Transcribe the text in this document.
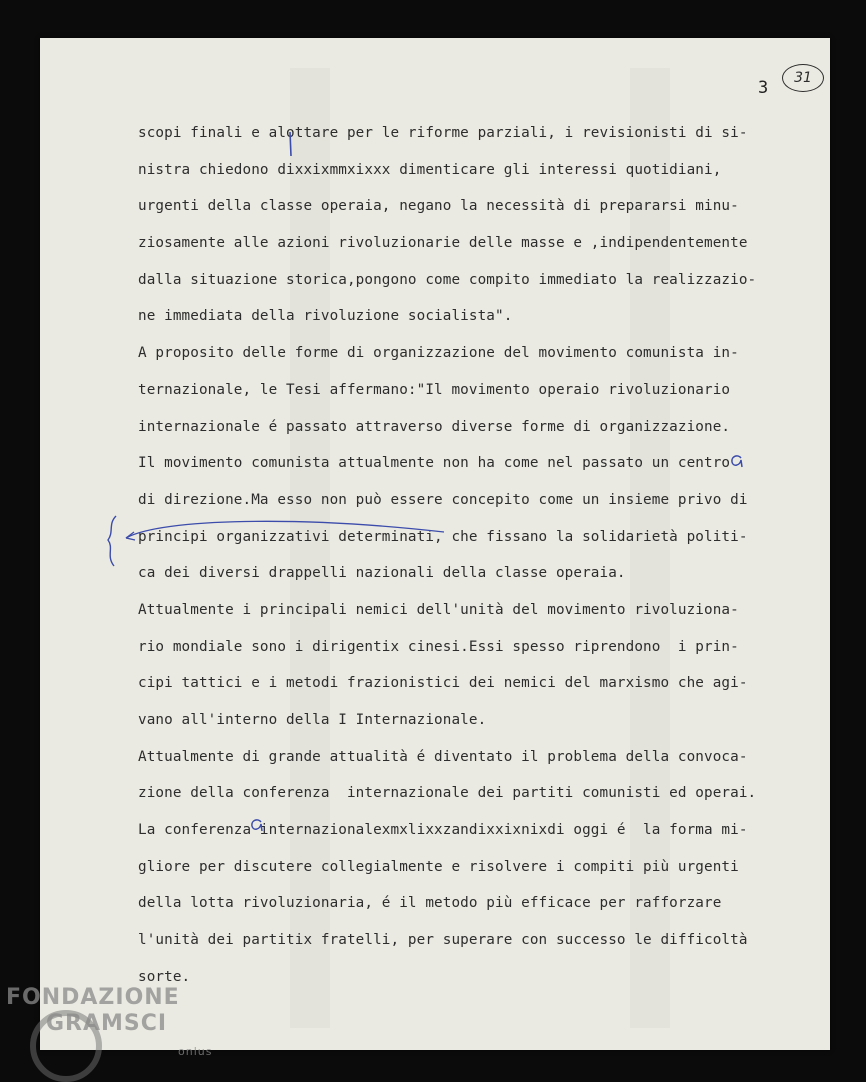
3	31
scopi finali e alottare per le riforme parziali, i revisionisti di si-
nistra chiedono dixxixmmxixxx dimenticare gli interessi quotidiani,
urgenti della classe operaia, negano la necessità di prepararsi minu-
ziosamente alle azioni rivoluzionarie delle masse e ,indipendentemente
dalla situazione storica,pongono come compito immediato la realizzazio-
ne immediata della rivoluzione socialista".
A proposito delle forme di organizzazione del movimento comunista in-
ternazionale, le Tesi affermano:"Il movimento operaio rivoluzionario
internazionale é passato attraverso diverse forme di organizzazione.
Il movimento comunista attualmente non ha come nel passato un centro
di direzione.Ma esso non può essere concepito come un insieme privo di
principi organizzativi determinati, che fissano la solidarietà politi-
ca dei diversi drappelli nazionali della classe operaia.
Attualmente i principali nemici dell'unità del movimento rivoluziona-
rio mondiale sono i dirigentix cinesi.Essi spesso riprendono  i prin-
cipi tattici e i metodi frazionistici dei nemici del marxismo che agi-
vano all'interno della I Internazionale.
Attualmente di grande attualità é diventato il problema della convoca-
zione della conferenza  internazionale dei partiti comunisti ed operai.
La conferenza internazionalexmxlixxzandixxixnixdi oggi é  la forma mi-
gliore per discutere collegialmente e risolvere i compiti più urgenti
della lotta rivoluzionaria, é il metodo più efficace per rafforzare
l'unità dei partitix fratelli, per superare con successo le difficoltà
sorte.
FONDAZIONE
GRAMSCI
onlus
